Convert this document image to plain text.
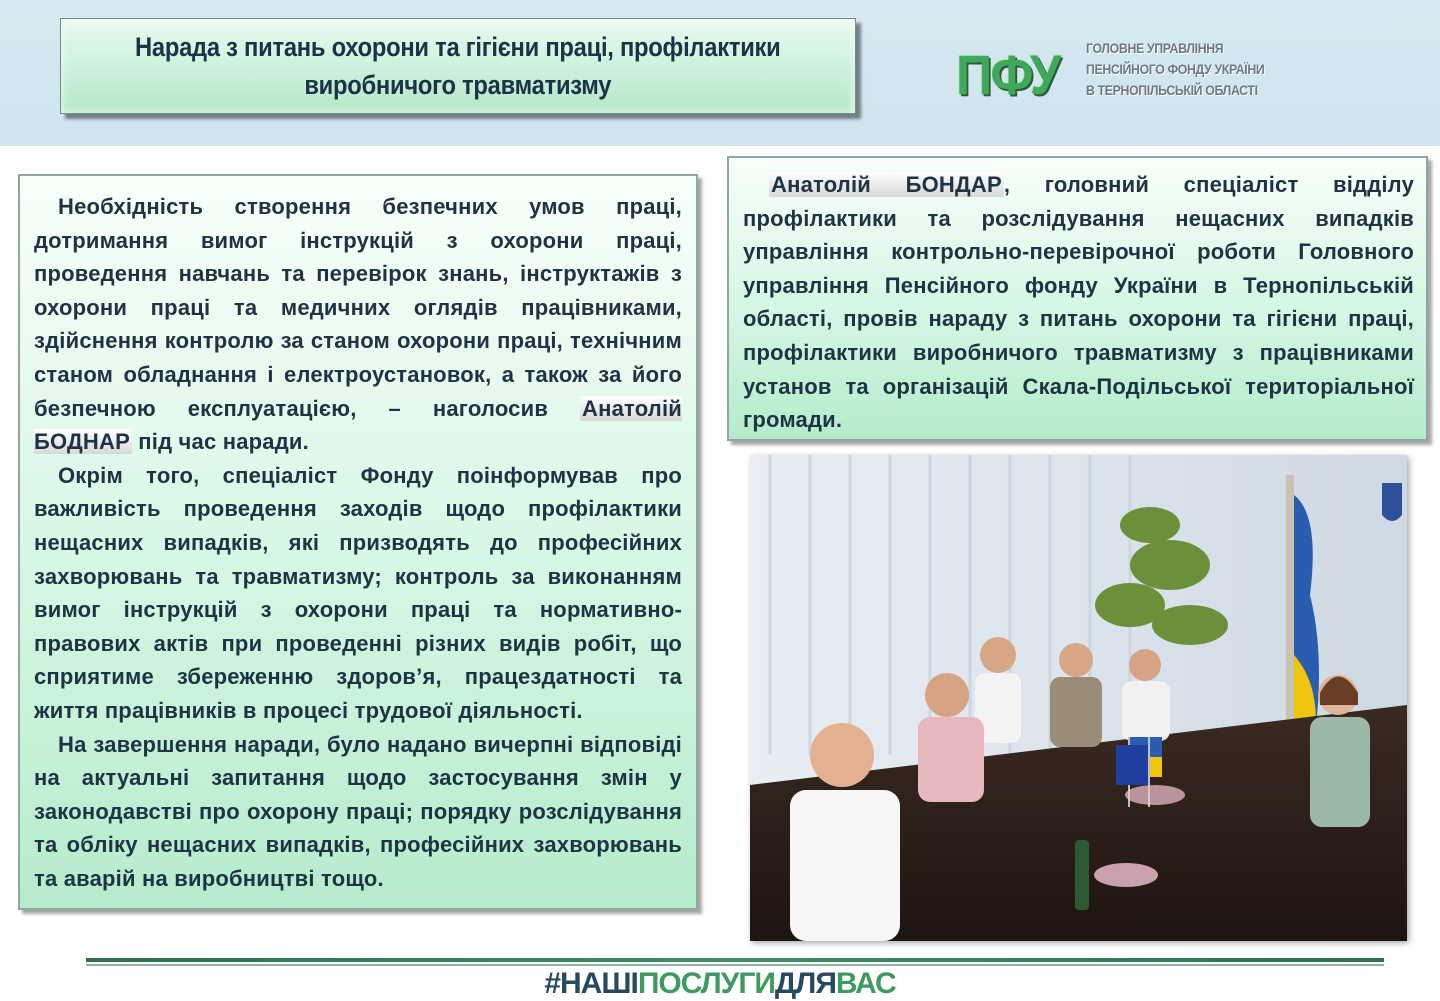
Нарада з питань охорони та гігієни праці, профілактики
виробничого травматизму	ПФУ ГОЛОВНЕ УПРАВЛІННЯ
ПЕНСІЙНОГО ФОНДУ УКРАЇНИ
В ТЕРНОПІЛЬСЬКІЙ ОБЛАСТІ

Необхідність створення безпечних умов праці, дотримання вимог інструкцій з охорони праці, проведення навчань та перевірок знань, інструктажів з охорони праці та медичних оглядів працівниками, здійснення контролю за станом охорони праці, технічним станом обладнання і електроустановок, а також за його безпечною експлуатацією, – наголосив Анатолій БОДНАР під час наради.

Окрім того, спеціаліст Фонду поінформував про важливість проведення заходів щодо профілактики нещасних випадків, які призводять до професійних захворювань та травматизму; контроль за виконанням вимог інструкцій з охорони праці та нормативно-правових актів при проведенні різних видів робіт, що сприятиме збереженню здоров’я, працездатності та життя працівників в процесі трудової діяльності.

На завершення наради, було надано вичерпні відповіді на актуальні запитання щодо застосування змін у законодавстві про охорону праці; порядку розслідування та обліку нещасних випадків, професійних захворювань та аварій на виробництві тощо.

Анатолій БОНДАР, головний спеціаліст відділу профілактики та розслідування нещасних випадків управління контрольно-перевірочної роботи Головного управління Пенсійного фонду України в Тернопільській області, провів нараду з питань охорони та гігієни праці, профілактики виробничого травматизму з працівниками установ та організацій Скала-Подільської територіальної громади.

#НАШІПОСЛУГИДЛЯВАС
